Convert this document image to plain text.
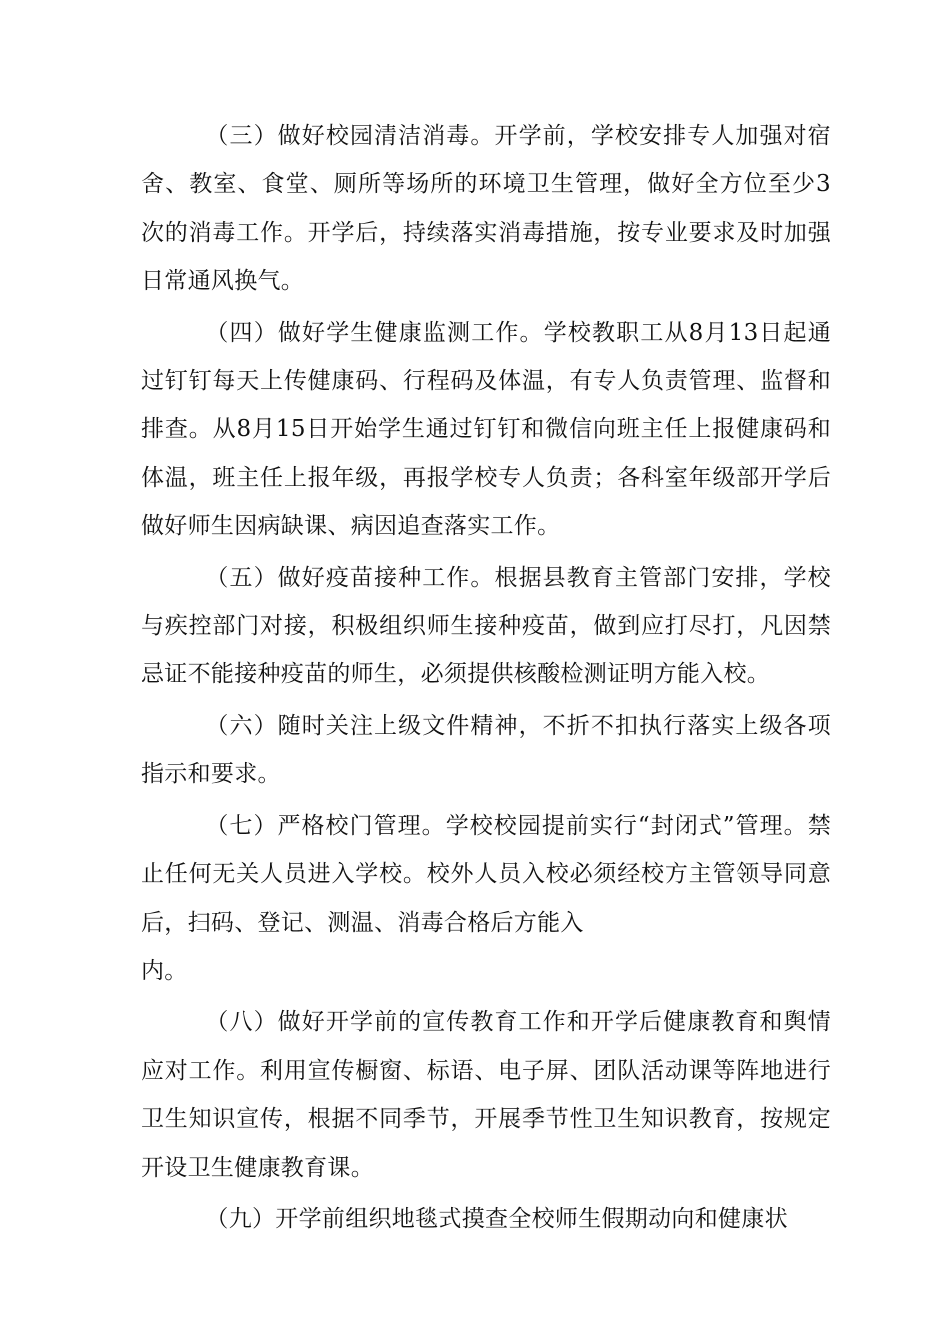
（三）做好校园清洁消毒。开学前，学校安排专人加强对宿舍、教室、食堂、厕所等场所的环境卫生管理，做好全方位至少3次的消毒工作。开学后，持续落实消毒措施，按专业要求及时加强日常通风换气。

（四）做好学生健康监测工作。学校教职工从8月13日起通过钉钉每天上传健康码、行程码及体温，有专人负责管理、监督和排查。从8月15日开始学生通过钉钉和微信向班主任上报健康码和体温，班主任上报年级，再报学校专人负责；各科室年级部开学后做好师生因病缺课、病因追查落实工作。

（五）做好疫苗接种工作。根据县教育主管部门安排，学校与疾控部门对接，积极组织师生接种疫苗，做到应打尽打，凡因禁忌证不能接种疫苗的师生，必须提供核酸检测证明方能入校。

（六）随时关注上级文件精神，不折不扣执行落实上级各项指示和要求。

（七）严格校门管理。学校校园提前实行“封闭式”管理。禁止任何无关人员进入学校。校外人员入校必须经校方主管领导同意后，扫码、登记、测温、消毒合格后方能入
内。

（八）做好开学前的宣传教育工作和开学后健康教育和舆情应对工作。利用宣传橱窗、标语、电子屏、团队活动课等阵地进行卫生知识宣传，根据不同季节，开展季节性卫生知识教育，按规定开设卫生健康教育课。

（九）开学前组织地毯式摸查全校师生假期动向和健康状
